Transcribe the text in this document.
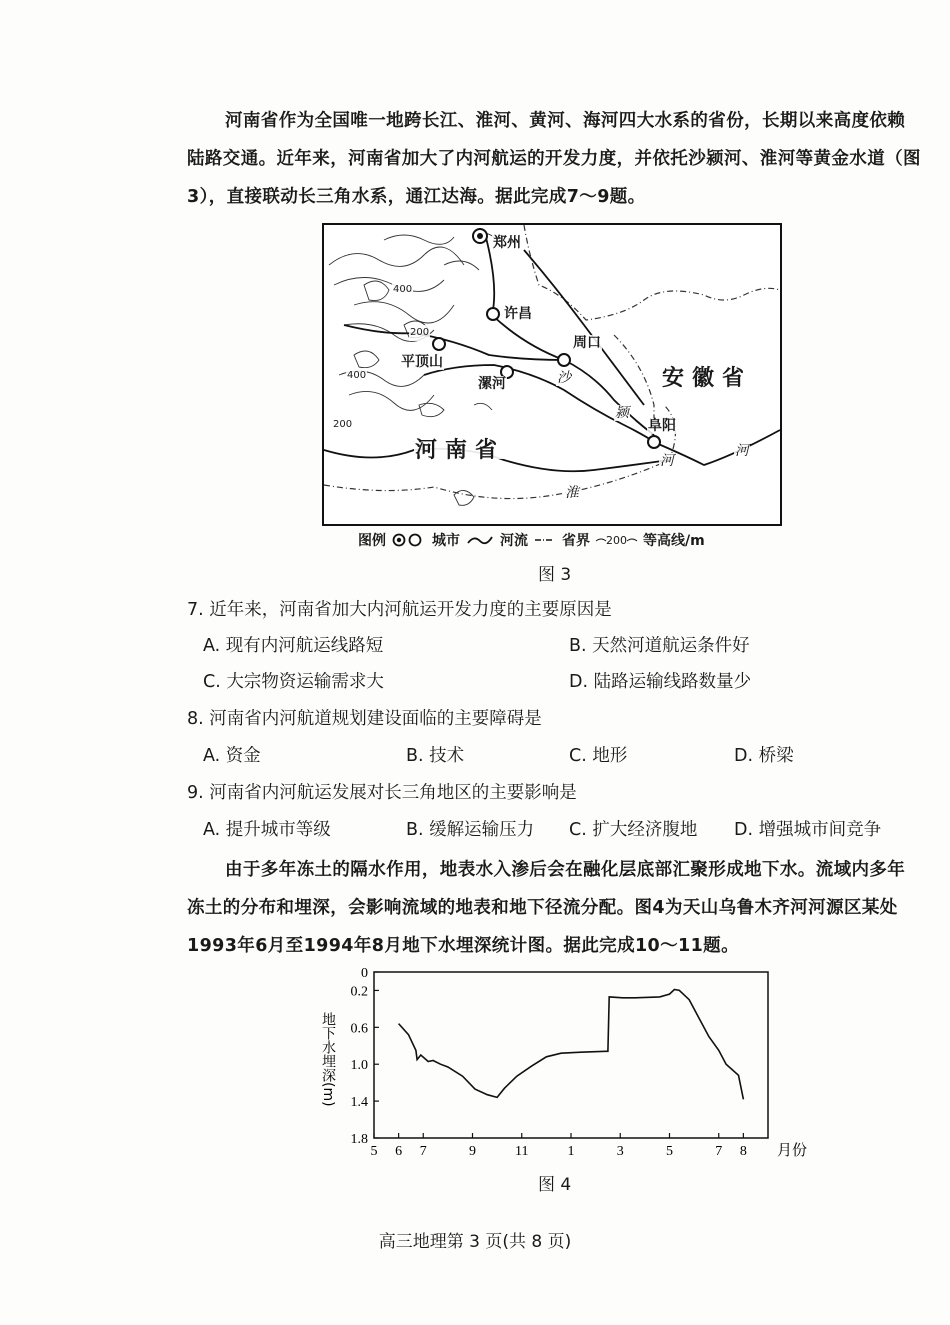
河南省作为全国唯一地跨长江、淮河、黄河、海河四大水系的省份，长期以来高度依赖陆路交通。近年来，河南省加大了内河航运的开发力度，并依托沙颍河、淮河等黄金水道（图3），直接联动长三角水系，通江达海。据此完成7～9题。
郑州
许昌
平顶山
漯河
周口
阜阳
河南省
安徽省
沙
颍
河
淮
河
400
200
400
200
图例	城市	河流 省界 200 等高线/m
图 3
7. 近年来，河南省加大内河航运开发力度的主要原因是
A. 现有内河航运线路短	B. 天然河道航运条件好
C. 大宗物资运输需求大	D. 陆路运输线路数量少
8. 河南省内河航道规划建设面临的主要障碍是
A. 资金	B. 技术	C. 地形	D. 桥梁
9. 河南省内河航运发展对长三角地区的主要影响是
A. 提升城市等级	B. 缓解运输压力 C. 扩大经济腹地 D. 增强城市间竞争
由于多年冻土的隔水作用，地表水入渗后会在融化层底部汇聚形成地下水。流域内多年冻土的分布和埋深，会影响流域的地表和地下径流分配。图4为天山乌鲁木齐河河源区某处1993年6月至1994年8月地下水埋深统计图。据此完成10～11题。
0
0.2
0.6
1.0
1.4
1.8
5 6 7	9	11	1	3	5	7 8 月份
地下水埋深(m)
图 4
高三地理第 3 页(共 8 页)
